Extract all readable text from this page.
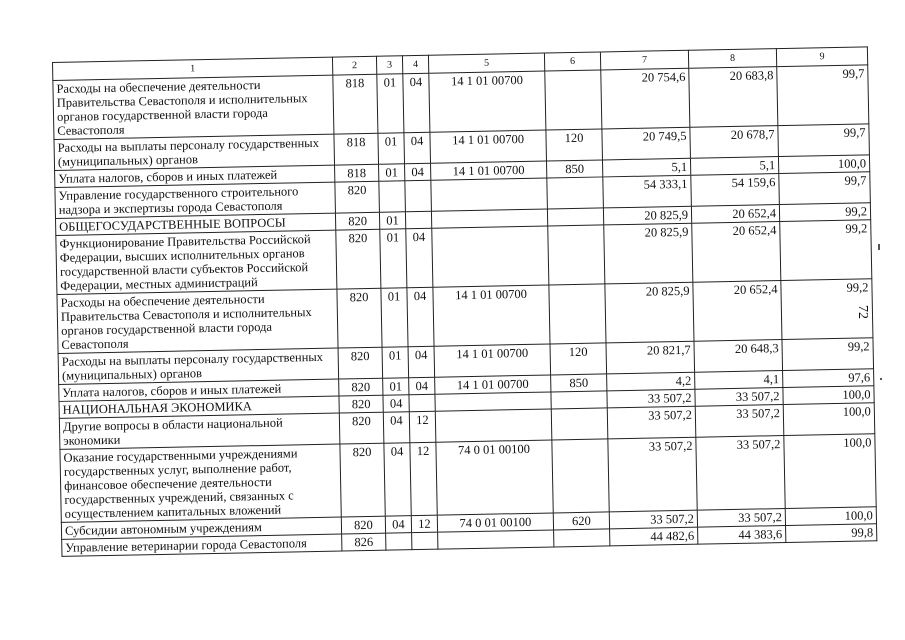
1	2	3	4	5	6	7	8	9
Расходы на обеспечение деятельности Правительства Севастополя и исполнительных органов государственной власти города Севастополя	818	01	04	14 1 01 00700		20 754,6	20 683,8	99,7
Расходы на выплаты персоналу государственных (муниципальных) органов	818	01	04	14 1 01 00700	120	20 749,5	20 678,7	99,7
Уплата налогов, сборов и иных платежей	818	01	04	14 1 01 00700	850	5,1	5,1	100,0
Управление государственного строительного надзора и экспертизы города Севастополя	820					54 333,1	54 159,6	99,7
ОБЩЕГОСУДАРСТВЕННЫЕ ВОПРОСЫ	820	01				20 825,9	20 652,4	99,2
Функционирование Правительства Российской Федерации, высших исполнительных органов государственной власти субъектов Российской Федерации, местных администраций	820	01	04			20 825,9	20 652,4	99,2
Расходы на обеспечение деятельности Правительства Севастополя и исполнительных органов государственной власти города Севастополя	820	01	04	14 1 01 00700		20 825,9	20 652,4	99,2
Расходы на выплаты персоналу государственных (муниципальных) органов	820	01	04	14 1 01 00700	120	20 821,7	20 648,3	99,2
Уплата налогов, сборов и иных платежей	820	01	04	14 1 01 00700	850	4,2	4,1	97,6
НАЦИОНАЛЬНАЯ ЭКОНОМИКА	820	04				33 507,2	33 507,2	100,0
Другие вопросы в области национальной экономики	820	04	12			33 507,2	33 507,2	100,0
Оказание государственными учреждениями государственных услуг, выполнение работ, финансовое обеспечение деятельности государственных учреждений, связанных с осуществлением капитальных вложений	820	04	12	74 0 01 00100		33 507,2	33 507,2	100,0
Субсидии автономным учреждениям	820	04	12	74 0 01 00100	620	33 507,2	33 507,2	100,0
Управление ветеринарии города Севастополя	826					44 482,6	44 383,6	99,8
72
